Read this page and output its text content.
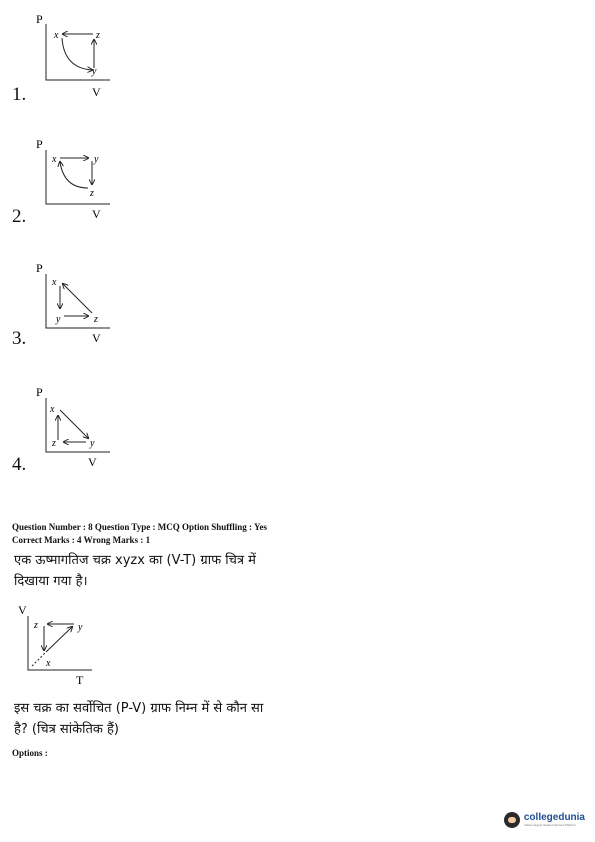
1.
P
V
x	z
y
2.
P
V
x	y
z
3.
P
V
x
y	z
4.
P
V
x
z	y
Question Number : 8 Question Type : MCQ Option Shuffling : Yes
Correct Marks : 4 Wrong Marks : 1
एक ऊष्मागतिज चक्र xyzx का (V-T) ग्राफ चित्र में
दिखाया गया है।
V
T
z	y
x
इस चक्र का सर्वोचित (P-V) ग्राफ निम्न में से कौन सा
है? (चित्र सांकेतिक हैं)
Options :
collegedunia
India's largest Student Review Platform
